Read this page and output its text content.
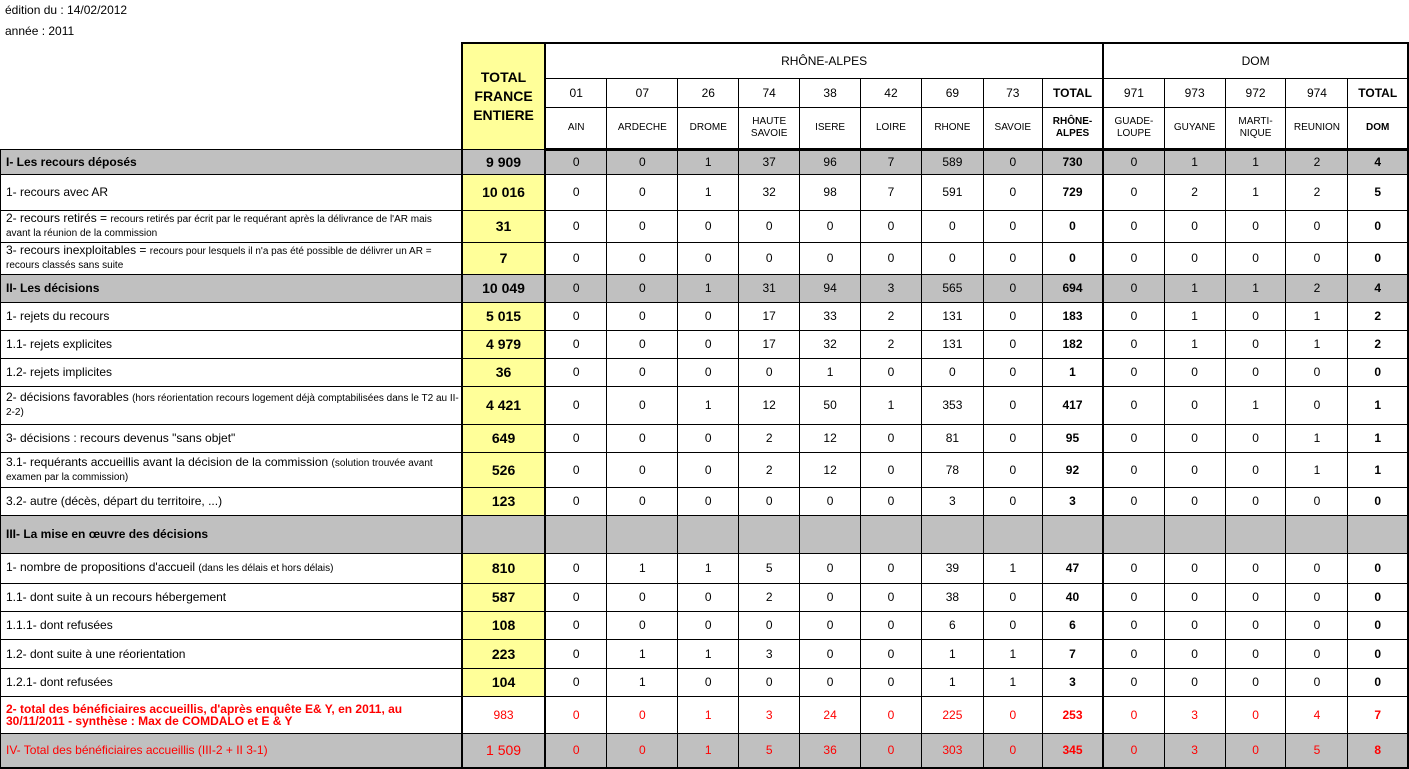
édition du : 14/02/2012
année : 2011
	TOTAL FRANCE ENTIERE	RHÔNE-ALPES									DOM				
		01	07	26	74	38	42	69	73	TOTAL	971	973	972	974	TOTAL
		AIN	ARDECHE	DROME	HAUTE SAVOIE	ISERE	LOIRE	RHONE	SAVOIE	RHÔNE-ALPES	GUADE-LOUPE	GUYANE	MARTI-NIQUE	REUNION	DOM
I- Les recours déposés	9 909	0	0	1	37	96	7	589	0	730	0	1	1	2	4
1- recours avec AR	10 016	0	0	1	32	98	7	591	0	729	0	2	1	2	5
2- recours retirés = recours retirés par écrit par le requérant après la délivrance de l'AR mais avant la réunion de la commission	31	0	0	0	0	0	0	0	0	0	0	0	0	0	0
3- recours inexploitables = recours pour lesquels il n'a pas été possible de délivrer un AR = recours classés sans suite	7	0	0	0	0	0	0	0	0	0	0	0	0	0	0
II- Les décisions	10 049	0	0	1	31	94	3	565	0	694	0	1	1	2	4
1- rejets du recours	5 015	0	0	0	17	33	2	131	0	183	0	1	0	1	2
1.1- rejets explicites	4 979	0	0	0	17	32	2	131	0	182	0	1	0	1	2
1.2- rejets implicites	36	0	0	0	0	1	0	0	0	1	0	0	0	0	0
2- décisions favorables (hors réorientation recours logement déjà comptabilisées dans le T2 au II-2-2)	4 421	0	0	1	12	50	1	353	0	417	0	0	1	0	1
3- décisions : recours devenus "sans objet"	649	0	0	0	2	12	0	81	0	95	0	0	0	1	1
3.1- requérants accueillis avant la décision de la commission (solution trouvée avant examen par la commission)	526	0	0	0	2	12	0	78	0	92	0	0	0	1	1
3.2- autre (décès, départ du territoire, ...)	123	0	0	0	0	0	0	3	0	3	0	0	0	0	0
III- La mise en œuvre des décisions															
1- nombre de propositions d'accueil (dans les délais et hors délais)	810	0	1	1	5	0	0	39	1	47	0	0	0	0	0
1.1- dont suite à un recours hébergement	587	0	0	0	2	0	0	38	0	40	0	0	0	0	0
1.1.1- dont refusées	108	0	0	0	0	0	0	6	0	6	0	0	0	0	0
1.2- dont suite à une réorientation	223	0	1	1	3	0	0	1	1	7	0	0	0	0	0
1.2.1- dont refusées	104	0	1	0	0	0	0	1	1	3	0	0	0	0	0
2- total des bénéficiaires accueillis, d'après enquête E& Y, en 2011, au 30/11/2011 - synthèse : Max de COMDALO et E & Y	983	0	0	1	3	24	0	225	0	253	0	3	0	4	7
IV- Total des bénéficiaires accueillis (III-2 + II 3-1)	1 509	0	0	1	5	36	0	303	0	345	0	3	0	5	8
